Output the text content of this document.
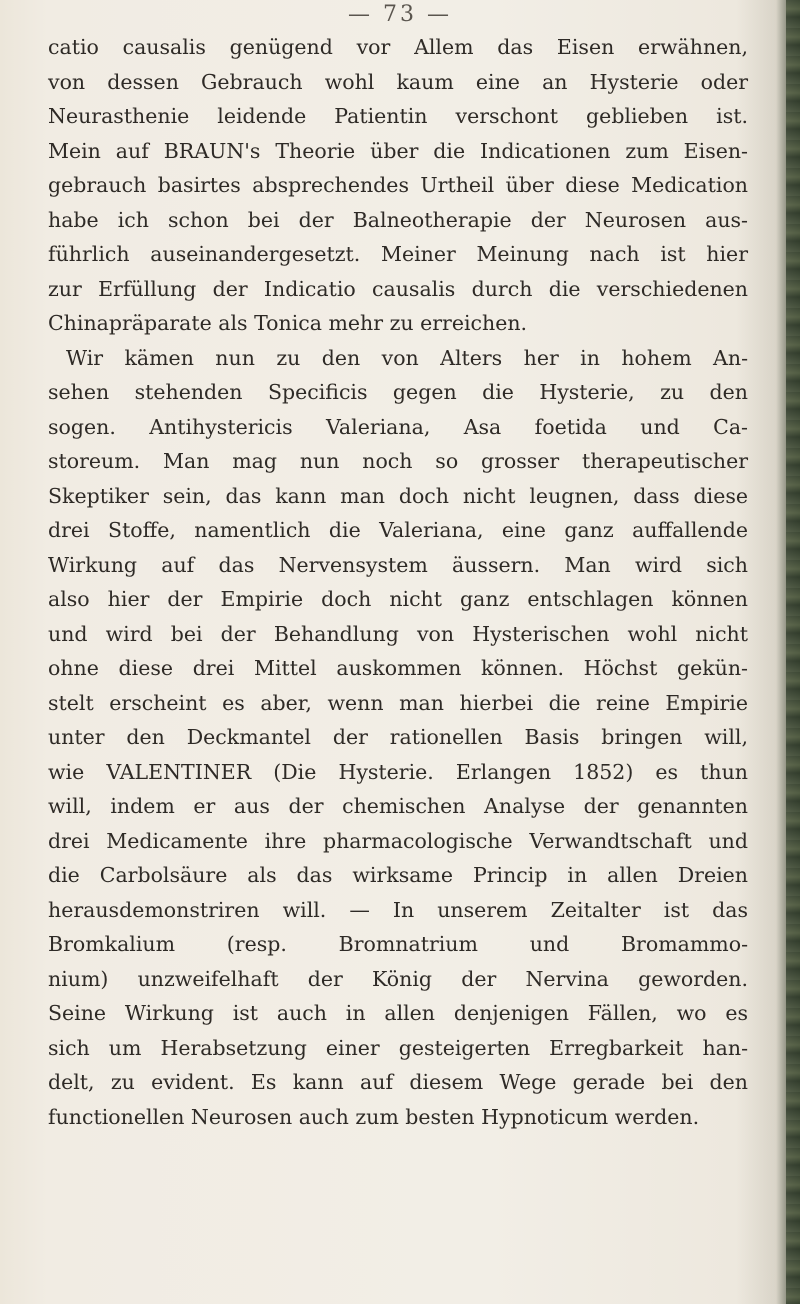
— 73 —
catio causalis genügend vor Allem das Eisen erwähnen,
von dessen Gebrauch wohl kaum eine an Hysterie oder
Neurasthenie leidende Patientin verschont geblieben ist.
Mein auf BRAUN's Theorie über die Indicationen zum Eisen-
gebrauch basirtes absprechendes Urtheil über diese Medication
habe ich schon bei der Balneotherapie der Neurosen aus-
führlich auseinandergesetzt. Meiner Meinung nach ist hier
zur Erfüllung der Indicatio causalis durch die verschiedenen
Chinapräparate als Tonica mehr zu erreichen.
Wir kämen nun zu den von Alters her in hohem An-
sehen stehenden Specificis gegen die Hysterie, zu den
sogen. Antihystericis Valeriana, Asa foetida und Ca-
storeum. Man mag nun noch so grosser therapeutischer
Skeptiker sein, das kann man doch nicht leugnen, dass diese
drei Stoffe, namentlich die Valeriana, eine ganz auffallende
Wirkung auf das Nervensystem äussern. Man wird sich
also hier der Empirie doch nicht ganz entschlagen können
und wird bei der Behandlung von Hysterischen wohl nicht
ohne diese drei Mittel auskommen können. Höchst gekün-
stelt erscheint es aber, wenn man hierbei die reine Empirie
unter den Deckmantel der rationellen Basis bringen will,
wie VALENTINER (Die Hysterie. Erlangen 1852) es thun
will, indem er aus der chemischen Analyse der genannten
drei Medicamente ihre pharmacologische Verwandtschaft und
die Carbolsäure als das wirksame Princip in allen Dreien
herausdemonstriren will. — In unserem Zeitalter ist das
Bromkalium (resp. Bromnatrium und Bromammo-
nium) unzweifelhaft der König der Nervina geworden.
Seine Wirkung ist auch in allen denjenigen Fällen, wo es
sich um Herabsetzung einer gesteigerten Erregbarkeit han-
delt, zu evident. Es kann auf diesem Wege gerade bei den
functionellen Neurosen auch zum besten Hypnoticum werden.
